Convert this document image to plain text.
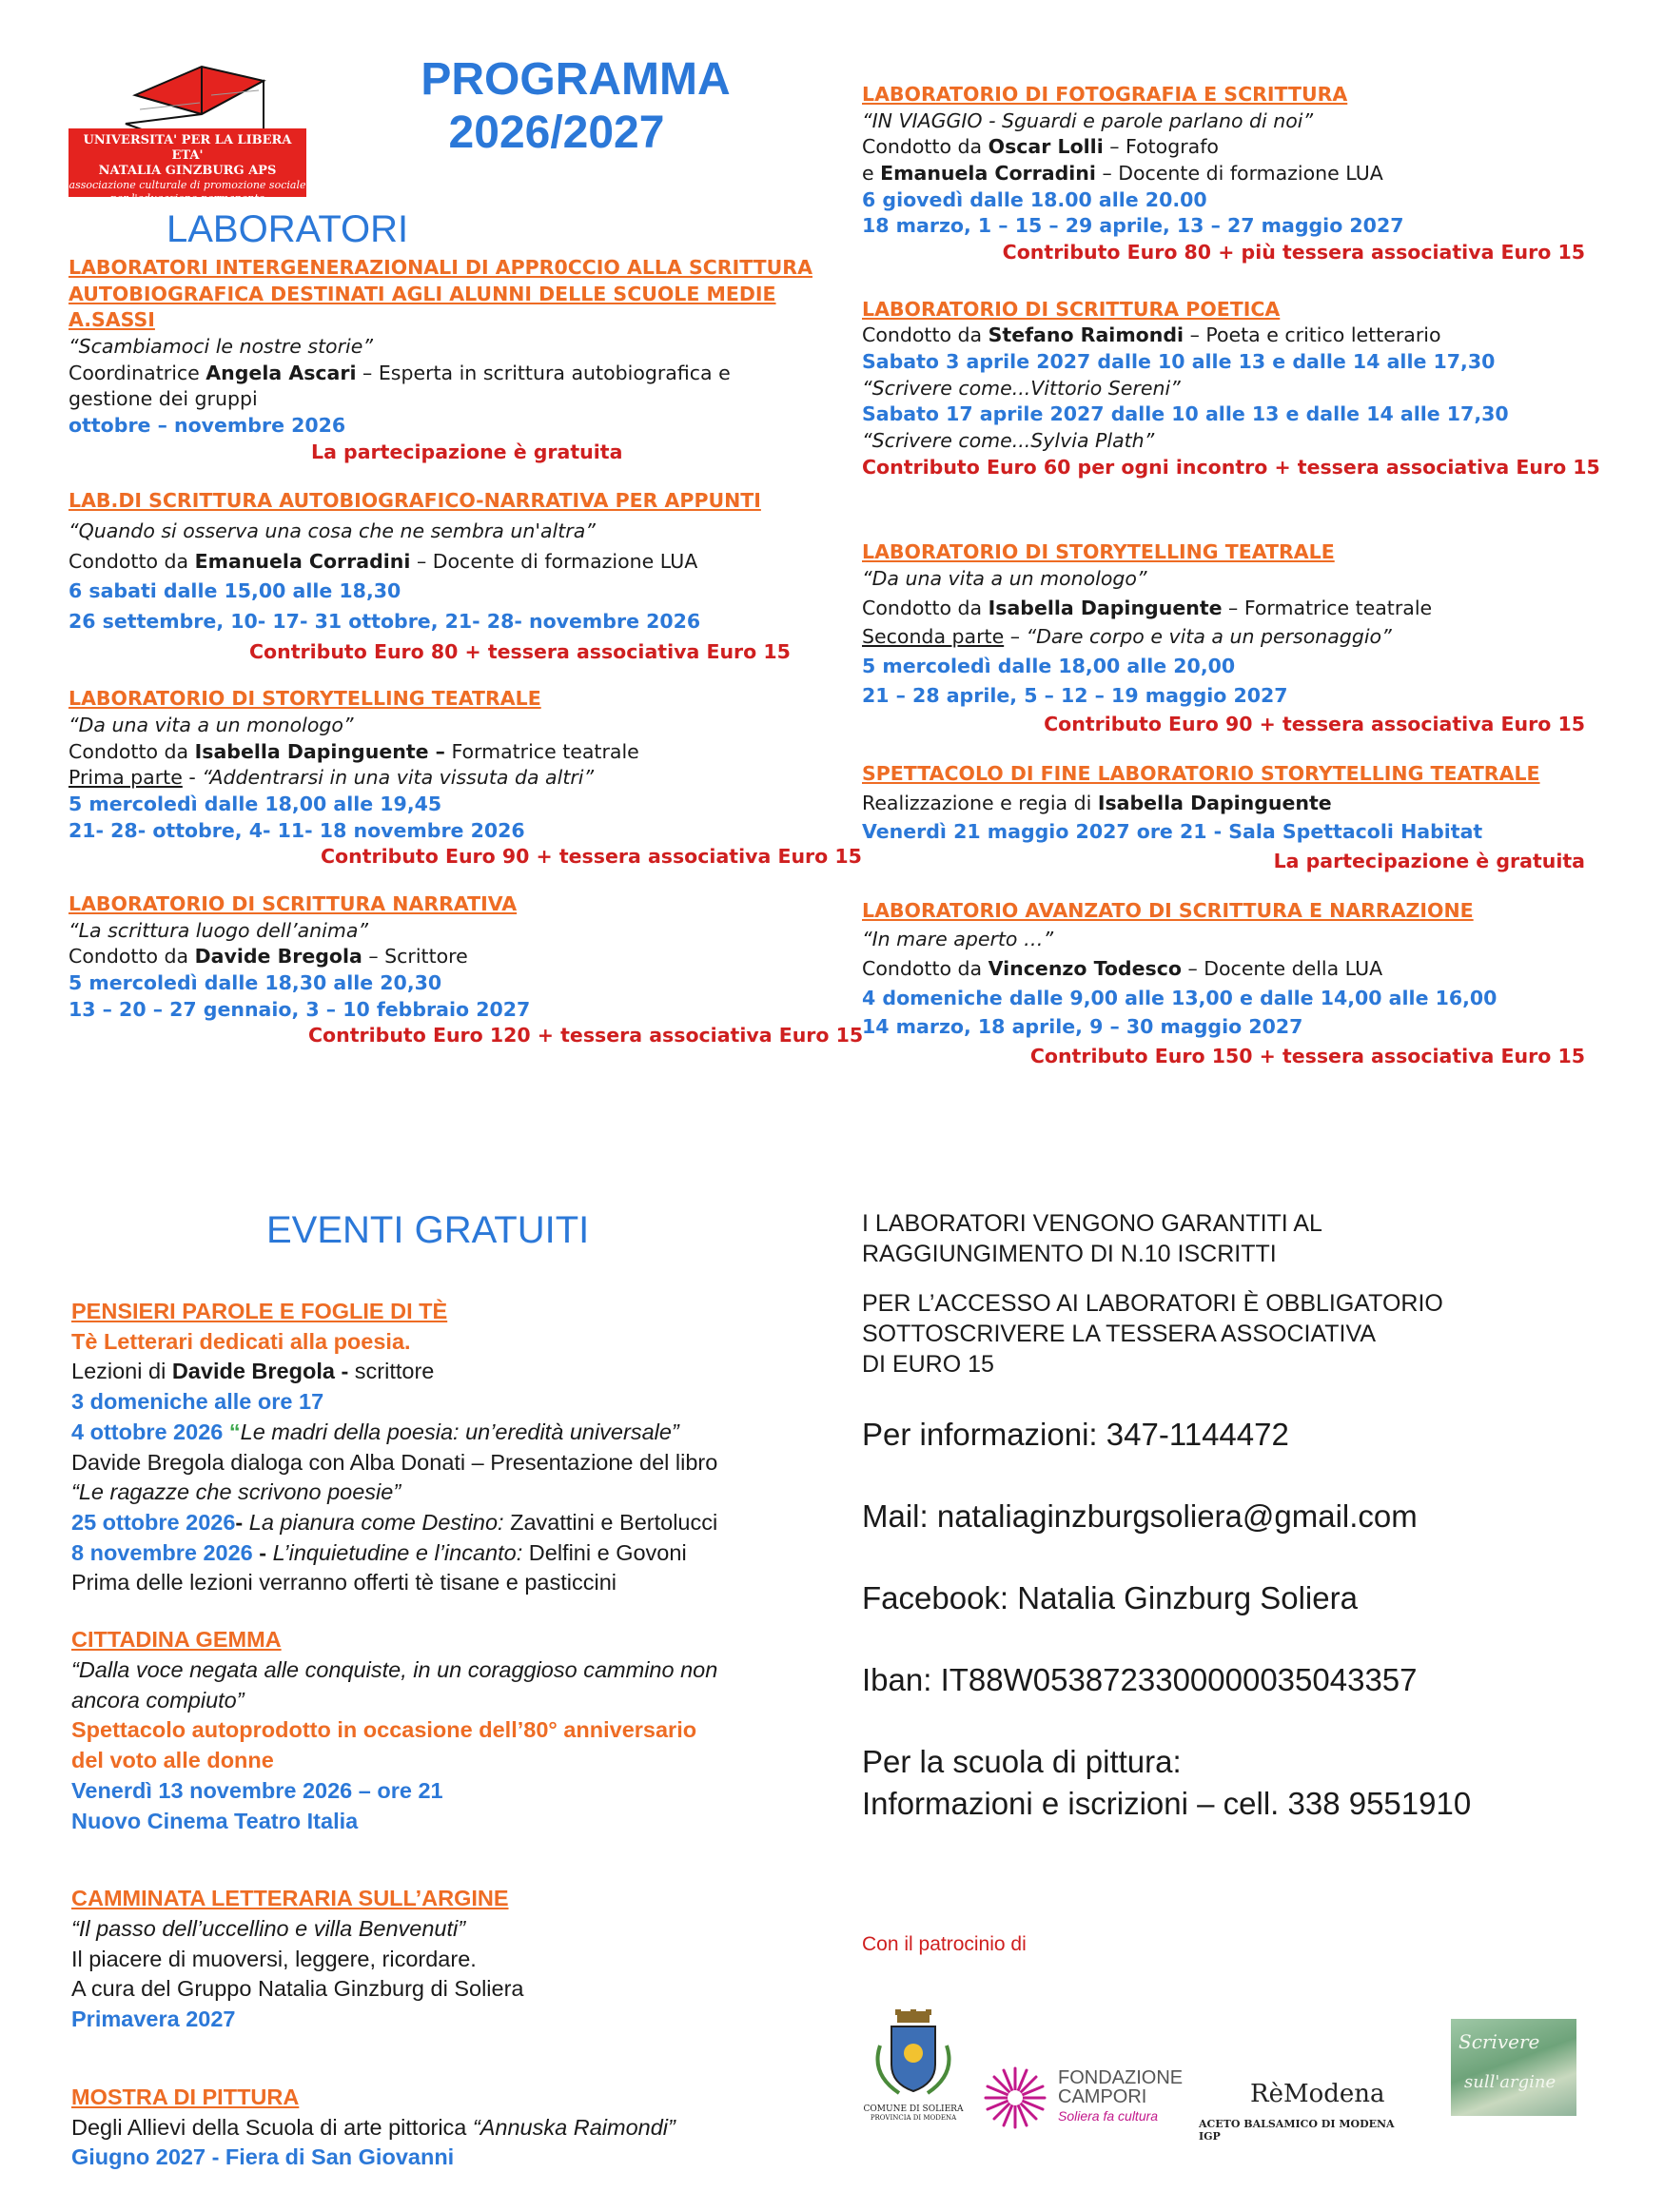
UNIVERSITA' PER LA LIBERA ETA'
NATALIA GINZBURG APS
associazione culturale di promozione sociale
per l'educazione permanente
PROGRAMMA
2026/2027
LABORATORI
LABORATORI INTERGENERAZIONALI DI APPR0CCIO ALLA SCRITTURA
AUTOBIOGRAFICA DESTINATI AGLI ALUNNI DELLE SCUOLE MEDIE
A.SASSI
“Scambiamoci le nostre storie”
Coordinatrice Angela Ascari – Esperta in scrittura autobiografica e
gestione dei gruppi
ottobre – novembre 2026
La partecipazione è gratuita
LAB.DI SCRITTURA AUTOBIOGRAFICO-NARRATIVA PER APPUNTI
“Quando si osserva una cosa che ne sembra un'altra”
Condotto da Emanuela Corradini – Docente di formazione LUA
6 sabati dalle 15,00 alle 18,30
26 settembre, 10- 17- 31 ottobre, 21- 28- novembre 2026
Contributo Euro 80 + tessera associativa Euro 15
LABORATORIO DI STORYTELLING TEATRALE
“Da una vita a un monologo”
Condotto da Isabella Dapinguente – Formatrice teatrale
Prima parte - “Addentrarsi in una vita vissuta da altri”
5 mercoledì dalle 18,00 alle 19,45
21- 28- ottobre, 4- 11- 18 novembre 2026
Contributo Euro 90 + tessera associativa Euro 15
LABORATORIO DI SCRITTURA NARRATIVA
“La scrittura luogo dell’anima”
Condotto da Davide Bregola – Scrittore
5 mercoledì dalle 18,30 alle 20,30
13 – 20 – 27 gennaio, 3 – 10 febbraio 2027
Contributo Euro 120 + tessera associativa Euro 15
LABORATORIO DI FOTOGRAFIA E SCRITTURA
“IN VIAGGIO - Sguardi e parole parlano di noi”
Condotto da Oscar Lolli – Fotografo
e Emanuela Corradini – Docente di formazione LUA
6 giovedì dalle 18.00 alle 20.00
18 marzo, 1 – 15 – 29 aprile, 13 – 27 maggio 2027
Contributo Euro 80 + più tessera associativa Euro 15
LABORATORIO DI SCRITTURA POETICA
Condotto da Stefano Raimondi – Poeta e critico letterario
Sabato 3 aprile 2027 dalle 10 alle 13 e dalle 14 alle 17,30
“Scrivere come...Vittorio Sereni”
Sabato 17 aprile 2027 dalle 10 alle 13 e dalle 14 alle 17,30
“Scrivere come...Sylvia Plath”
Contributo Euro 60 per ogni incontro + tessera associativa Euro 15
LABORATORIO DI STORYTELLING TEATRALE
“Da una vita a un monologo”
Condotto da Isabella Dapinguente – Formatrice teatrale
Seconda parte – “Dare corpo e vita a un personaggio”
5 mercoledì dalle 18,00 alle 20,00
21 – 28 aprile, 5 – 12 – 19 maggio 2027
Contributo Euro 90 + tessera associativa Euro 15
SPETTACOLO DI FINE LABORATORIO STORYTELLING TEATRALE
Realizzazione e regia di Isabella Dapinguente
Venerdì 21 maggio 2027 ore 21 - Sala Spettacoli Habitat
La partecipazione è gratuita
LABORATORIO AVANZATO DI SCRITTURA E NARRAZIONE
“In mare aperto …”
Condotto da Vincenzo Todesco – Docente della LUA
4 domeniche dalle 9,00 alle 13,00 e dalle 14,00 alle 16,00
14 marzo, 18 aprile, 9 – 30 maggio 2027
Contributo Euro 150 + tessera associativa Euro 15
EVENTI GRATUITI
PENSIERI PAROLE E FOGLIE DI TÈ
Tè Letterari dedicati alla poesia.
Lezioni di Davide Bregola - scrittore
3 domeniche alle ore 17
4 ottobre 2026 “Le madri della poesia: un’eredità universale”
Davide Bregola dialoga con Alba Donati – Presentazione del libro
“Le ragazze che scrivono poesie”
25 ottobre 2026- La pianura come Destino: Zavattini e Bertolucci
8 novembre 2026 - L’inquietudine e l’incanto: Delfini e Govoni
Prima delle lezioni verranno offerti tè tisane e pasticcini
CITTADINA GEMMA
“Dalla voce negata alle conquiste, in un coraggioso cammino non
ancora compiuto”
Spettacolo autoprodotto in occasione dell’80° anniversario
del voto alle donne
Venerdì 13 novembre 2026 – ore 21
Nuovo Cinema Teatro Italia
CAMMINATA LETTERARIA SULL’ARGINE
“Il passo dell’uccellino e villa Benvenuti”
Il piacere di muoversi, leggere, ricordare.
A cura del Gruppo Natalia Ginzburg di Soliera
Primavera 2027
MOSTRA DI PITTURA
Degli Allievi della Scuola di arte pittorica “Annuska Raimondi”
Giugno 2027 - Fiera di San Giovanni
I LABORATORI VENGONO GARANTITI AL
RAGGIUNGIMENTO DI N.10 ISCRITTI
PER L’ACCESSO AI LABORATORI È OBBLIGATORIO
SOTTOSCRIVERE LA TESSERA ASSOCIATIVA
DI EURO 15
Per informazioni: 347-1144472
Mail: nataliaginzburgsoliera@gmail.com
Facebook: Natalia Ginzburg Soliera
Iban: IT88W0538723300000035043357
Per la scuola di pittura:
Informazioni e iscrizioni – cell. 338 9551910
Con il patrocinio di
COMUNE DI SOLIERA
PROVINCIA DI MODENA
FONDAZIONE
CAMPORI
Soliera fa cultura
RèModena
ACETO BALSAMICO DI MODENA IGP
Scrivere
sull'argine
